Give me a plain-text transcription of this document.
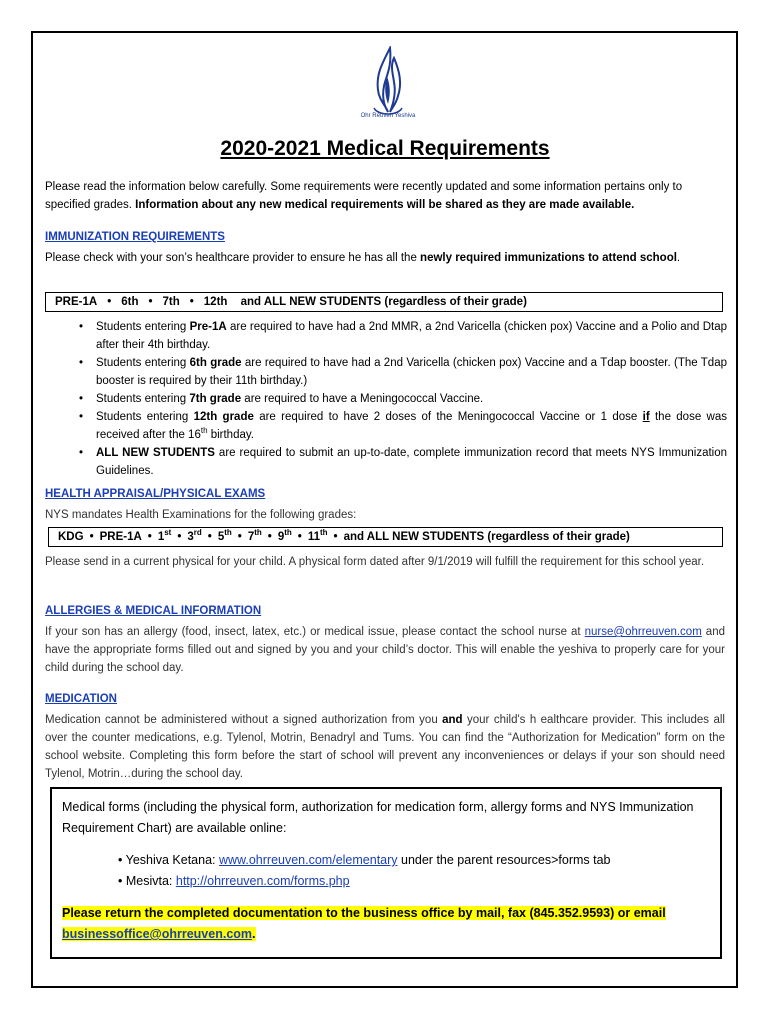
Ohr Reuven Yeshiva
2020-2021 Medical Requirements

Please read the information below carefully. Some requirements were recently updated and some information pertains only to specified grades. Information about any new medical requirements will be shared as they are made available.

IMMUNIZATION REQUIREMENTS

Please check with your son’s healthcare provider to ensure he has all the newly required immunizations to attend school.

PRE-1A • 6th • 7th • 12th and ALL NEW STUDENTS (regardless of their grade)
• Students entering Pre-1A are required to have had a 2nd MMR, a 2nd Varicella (chicken pox) Vaccine and a Polio and Dtap after their 4th birthday.
• Students entering 6th grade are required to have had a 2nd Varicella (chicken pox) Vaccine and a Tdap booster. (The Tdap booster is required by their 11th birthday.)
• Students entering 7th grade are required to have a Meningococcal Vaccine.
• Students entering 12th grade are required to have 2 doses of the Meningococcal Vaccine or 1 dose if the dose was received after the 16th birthday.
• ALL NEW STUDENTS are required to submit an up-to-date, complete immunization record that meets NYS Immunization Guidelines.

HEALTH APPRAISAL/PHYSICAL EXAMS

NYS mandates Health Examinations for the following grades:

KDG • PRE-1A • 1st • 3rd • 5th • 7th • 9th • 11th • and ALL NEW STUDENTS (regardless of their grade)

Please send in a current physical for your child. A physical form dated after 9/1/2019 will fulfill the requirement for this school year.

ALLERGIES & MEDICAL INFORMATION

If your son has an allergy (food, insect, latex, etc.) or medical issue, please contact the school nurse at nurse@ohrreuven.com and have the appropriate forms filled out and signed by you and your child’s doctor. This will enable the yeshiva to properly care for your child during the school day.

MEDICATION

Medication cannot be administered without a signed authorization from you and your child's h ealthcare provider. This includes all over the counter medications, e.g. Tylenol, Motrin, Benadryl and Tums. You can find the “Authorization for Medication” form on the school website. Completing this form before the start of school will prevent any inconveniences or delays if your son should need Tylenol, Motrin…during the school day.

Medical forms (including the physical form, authorization for medication form, allergy forms and NYS Immunization Requirement Chart) are available online:

• Yeshiva Ketana: www.ohrreuven.com/elementary under the parent resources>forms tab

• Mesivta: http://ohrreuven.com/forms.php

Please return the completed documentation to the business office by mail, fax (845.352.9593) or email businessoffice@ohrreuven.com.
